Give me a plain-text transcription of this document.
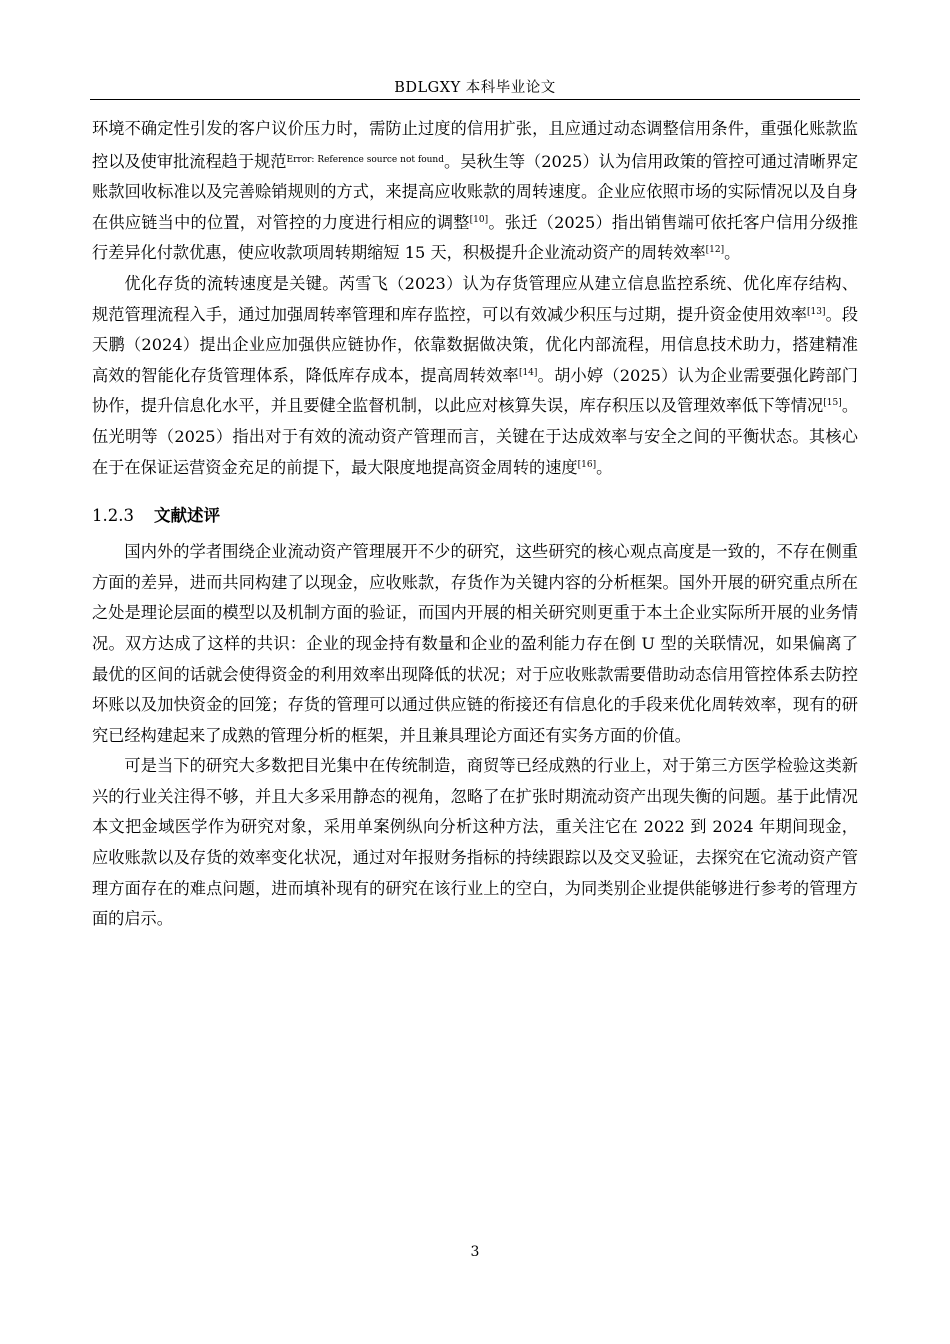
BDLGXY 本科毕业论文

环境不确定性引发的客户议价压力时，需防止过度的信用扩张，且应通过动态调整信用条件，重强化账款监控以及使审批流程趋于规范$^{Error: Reference source not found}$。吴秋生等（2025）认为信用政策的管控可通过清晰界定账款回收标准以及完善赊销规则的方式，来提高应收账款的周转速度。企业应依照市场的实际情况以及自身在供应链当中的位置，对管控的力度进行相应的调整[10]。张迁（2025）指出销售端可依托客户信用分级推行差异化付款优惠，使应收款项周转期缩短 15 天，积极提升企业流动资产的周转效率[12]。

优化存货的流转速度是关键。芮雪飞（2023）认为存货管理应从建立信息监控系统、优化库存结构、规范管理流程入手，通过加强周转率管理和库存监控，可以有效减少积压与过期，提升资金使用效率[13]。段天鹏（2024）提出企业应加强供应链协作，依靠数据做决策，优化内部流程，用信息技术助力，搭建精准高效的智能化存货管理体系，降低库存成本，提高周转效率[14]。胡小婷（2025）认为企业需要强化跨部门协作，提升信息化水平，并且要健全监督机制，以此应对核算失误，库存积压以及管理效率低下等情况[15]。伍光明等（2025）指出对于有效的流动资产管理而言，关键在于达成效率与安全之间的平衡状态。其核心在于在保证运营资金充足的前提下，最大限度地提高资金周转的速度[16]。

1.2.3 文献述评

国内外的学者围绕企业流动资产管理展开不少的研究，这些研究的核心观点高度是一致的，不存在侧重方面的差异，进而共同构建了以现金，应收账款，存货作为关键内容的分析框架。国外开展的研究重点所在之处是理论层面的模型以及机制方面的验证，而国内开展的相关研究则更重于本土企业实际所开展的业务情况。双方达成了这样的共识：企业的现金持有数量和企业的盈利能力存在倒 U 型的关联情况，如果偏离了最优的区间的话就会使得资金的利用效率出现降低的状况；对于应收账款需要借助动态信用管控体系去防控坏账以及加快资金的回笼；存货的管理可以通过供应链的衔接还有信息化的手段来优化周转效率，现有的研究已经构建起来了成熟的管理分析的框架，并且兼具理论方面还有实务方面的价值。

可是当下的研究大多数把目光集中在传统制造，商贸等已经成熟的行业上，对于第三方医学检验这类新兴的行业关注得不够，并且大多采用静态的视角，忽略了在扩张时期流动资产出现失衡的问题。基于此情况本文把金域医学作为研究对象，采用单案例纵向分析这种方法，重关注它在 2022 到 2024 年期间现金，应收账款以及存货的效率变化状况，通过对年报财务指标的持续跟踪以及交叉验证，去探究在它流动资产管理方面存在的难点问题，进而填补现有的研究在该行业上的空白，为同类别企业提供能够进行参考的管理方面的启示。

3
